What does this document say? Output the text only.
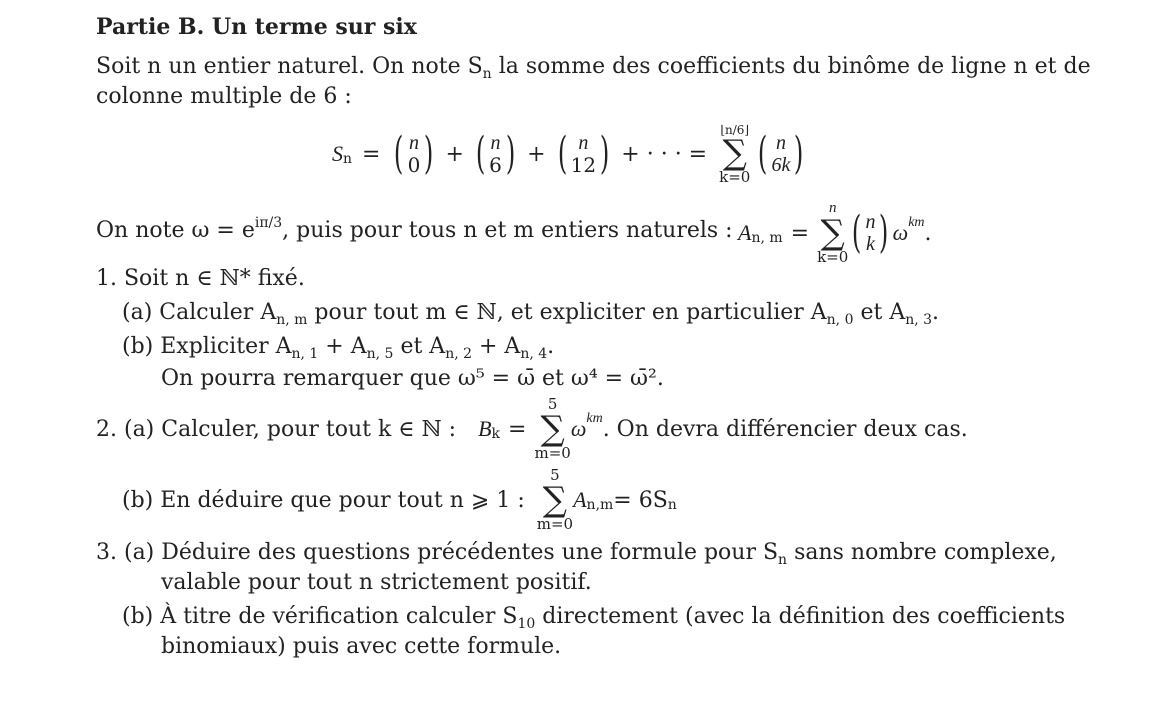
Partie B. Un terme sur six
Soit n un entier naturel. On note $S_n$ la somme des coefficients du binôme de ligne n et de
colonne multiple de 6 :
S n = ( n
0 ) + ( n
6 ) + ( n
12 ) + · · · =
⌊n/6⌋
∑
k=0 ( n
6k )
On note $\omega = e^{i\pi/3}$, puis pour tous n et m entiers naturels : A n, m =
n
∑
k=0 ( n
k ) ω km .
1. Soit n ∈ ℕ* fixé.
(a) Calculer $A_{n, m}$ pour tout m ∈ ℕ, et expliciter en particulier $A_{n, 0}$ et $A_{n, 3}$.
(b) Expliciter $A_{n, 1} + A_{n, 5}$ et $A_{n, 2} + A_{n, 4}$.
On pourra remarquer que ω⁵ = ω̄ et ω⁴ = ω̄².
2. (a) Calculer, pour tout k ∈ ℕ : B k =
5
∑
m=0
ω km . On devra différencier deux cas.
(b) En déduire que pour tout n ⩾ 1 :
5
∑
m=0
A n,m = 6S n
3. (a) Déduire des questions précédentes une formule pour $S_n$ sans nombre complexe,
valable pour tout n strictement positif.
(b) À titre de vérification calculer $S_{10}$ directement (avec la définition des coefficients
binomiaux) puis avec cette formule.
